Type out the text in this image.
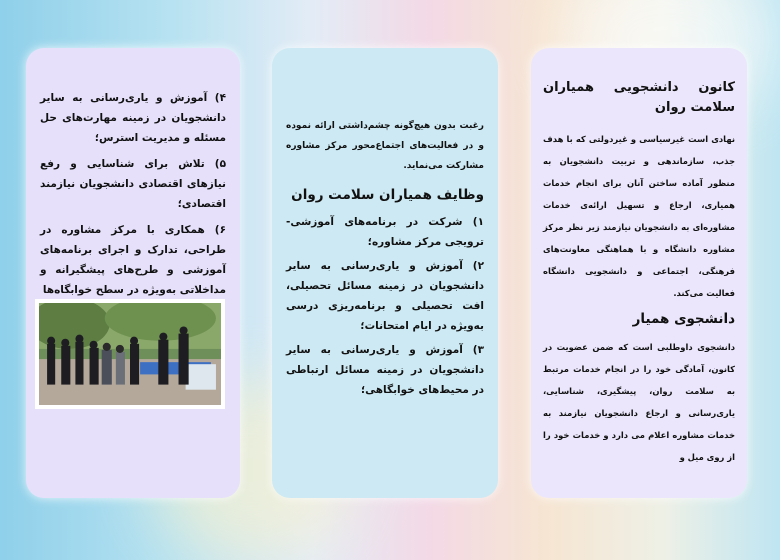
۴) آموزش و یاری‌رسانی به سایر دانشجویان در زمینه مهارت‌های حل مسئله و مدیریت استرس؛

۵) تلاش برای شناسایی و رفع نیازهای اقتصادی دانشجویان نیازمند اقتصادی؛

۶) همکاری با مرکز مشاوره در طراحی، تدارک و اجرای برنامه‌های آموزشی و طرح‌های پیشگیرانه و مداخلاتی به‌ویژه در سطح خوابگاه‌ها

رغبت بدون هیچ‌گونه چشم‌داشتی ارائه نموده و در فعالیت‌های اجتماع‌محور مرکز مشاوره مشارکت می‌نماید.

وظایف همیاران سلامت روان

۱) شرکت در برنامه‌های آموزشی-ترویجی مرکز مشاوره؛

۲) آموزش و یاری‌رسانی به سایر دانشجویان در زمینه مسائل تحصیلی، افت تحصیلی و برنامه‌ریزی درسی به‌ویژه در ایام امتحانات؛

۳) آموزش و یاری‌رسانی به سایر دانشجویان در زمینه مسائل ارتباطی در محیط‌های خوابگاهی؛

کانون دانشجویی همیاران سلامت روان

نهادی است غیرسیاسی و غیردولتی که با هدف جذب، سازماندهی و تربیت دانشجویان به منظور آماده ساختن آنان برای انجام خدمات همیاری، ارجاع و تسهیل ارائه‌ی خدمات مشاوره‌ای به دانشجویان نیازمند زیر نظر مرکز مشاوره دانشگاه و با هماهنگی معاونت‌های فرهنگی، اجتماعی و دانشجویی دانشگاه فعالیت می‌کند.

دانشجوی همیار

دانشجوی داوطلبی است که ضمن عضویت در کانون، آمادگی خود را در انجام خدمات مرتبط به سلامت روان، پیشگیری، شناسایی، یاری‌رسانی و ارجاع دانشجویان نیازمند به خدمات مشاوره اعلام می دارد و خدمات خود را از روی میل و
